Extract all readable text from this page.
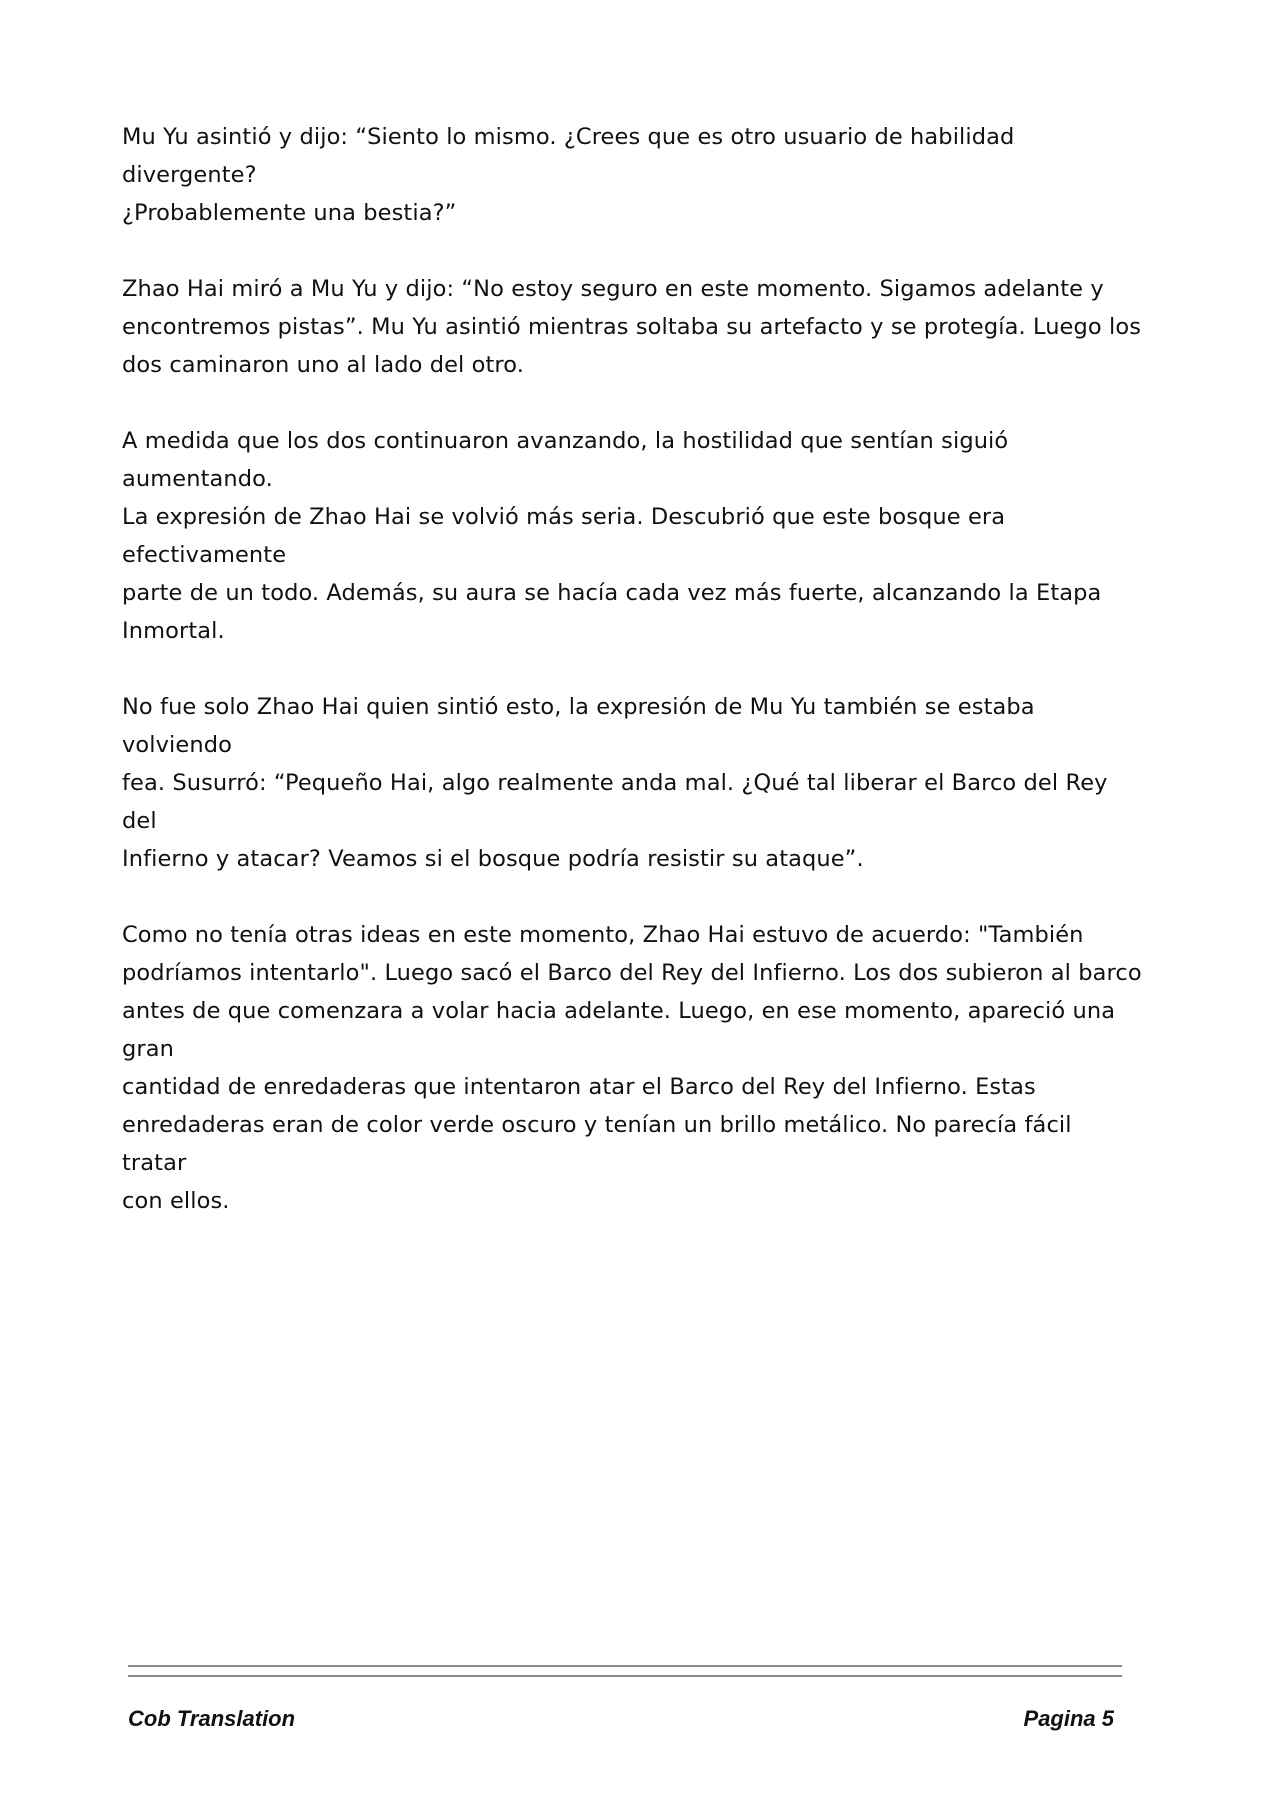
Mu Yu asintió y dijo: “Siento lo mismo. ¿Crees que es otro usuario de habilidad divergente?
¿Probablemente una bestia?”

Zhao Hai miró a Mu Yu y dijo: “No estoy seguro en este momento. Sigamos adelante y
encontremos pistas”. Mu Yu asintió mientras soltaba su artefacto y se protegía. Luego los
dos caminaron uno al lado del otro.

A medida que los dos continuaron avanzando, la hostilidad que sentían siguió aumentando.
La expresión de Zhao Hai se volvió más seria. Descubrió que este bosque era efectivamente
parte de un todo. Además, su aura se hacía cada vez más fuerte, alcanzando la Etapa
Inmortal.

No fue solo Zhao Hai quien sintió esto, la expresión de Mu Yu también se estaba volviendo
fea. Susurró: “Pequeño Hai, algo realmente anda mal. ¿Qué tal liberar el Barco del Rey del
Infierno y atacar? Veamos si el bosque podría resistir su ataque”.

Como no tenía otras ideas en este momento, Zhao Hai estuvo de acuerdo: "También
podríamos intentarlo". Luego sacó el Barco del Rey del Infierno. Los dos subieron al barco
antes de que comenzara a volar hacia adelante. Luego, en ese momento, apareció una gran
cantidad de enredaderas que intentaron atar el Barco del Rey del Infierno. Estas
enredaderas eran de color verde oscuro y tenían un brillo metálico. No parecía fácil tratar
con ellos.

Cob Translation	Pagina 5
